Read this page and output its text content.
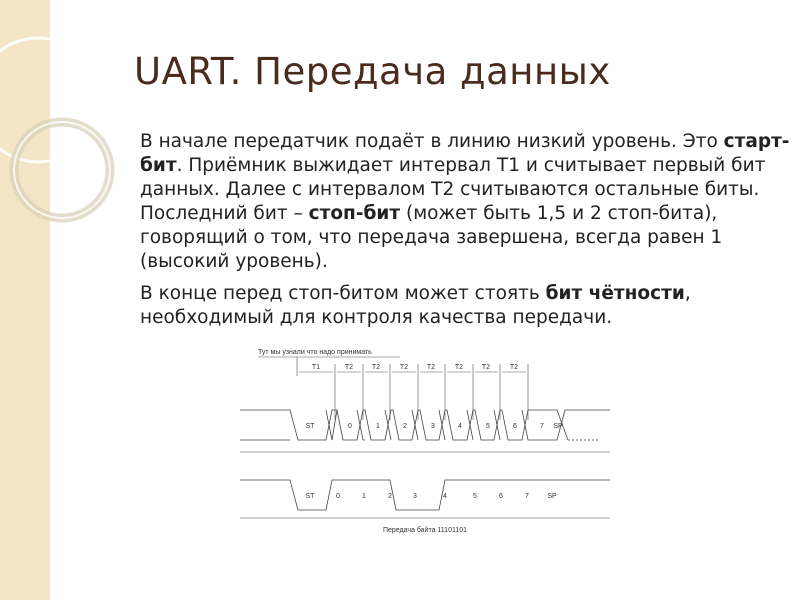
UART. Передача данных

В начале передатчик подаёт в линию низкий уровень. Это старт-бит. Приёмник выжидает интервал Т1 и считывает первый бит данных. Далее с интервалом Т2 считываются остальные биты. Последний бит – стоп-бит (может быть 1,5 и 2 стоп-бита), говорящий о том, что передача завершена, всегда равен 1 (высокий уровень).

В конце перед стоп-битом может стоять бит чётности, необходимый для контроля качества передачи.

Тут мы узнали что надо принимать
T1	T2	T2	T2	T2	T2	T2	T2
ST	0	1	2	3	4	5	6	7 SP
ST	0	1	2	3	4	5	6	7	SP
Передача байта 11101101
